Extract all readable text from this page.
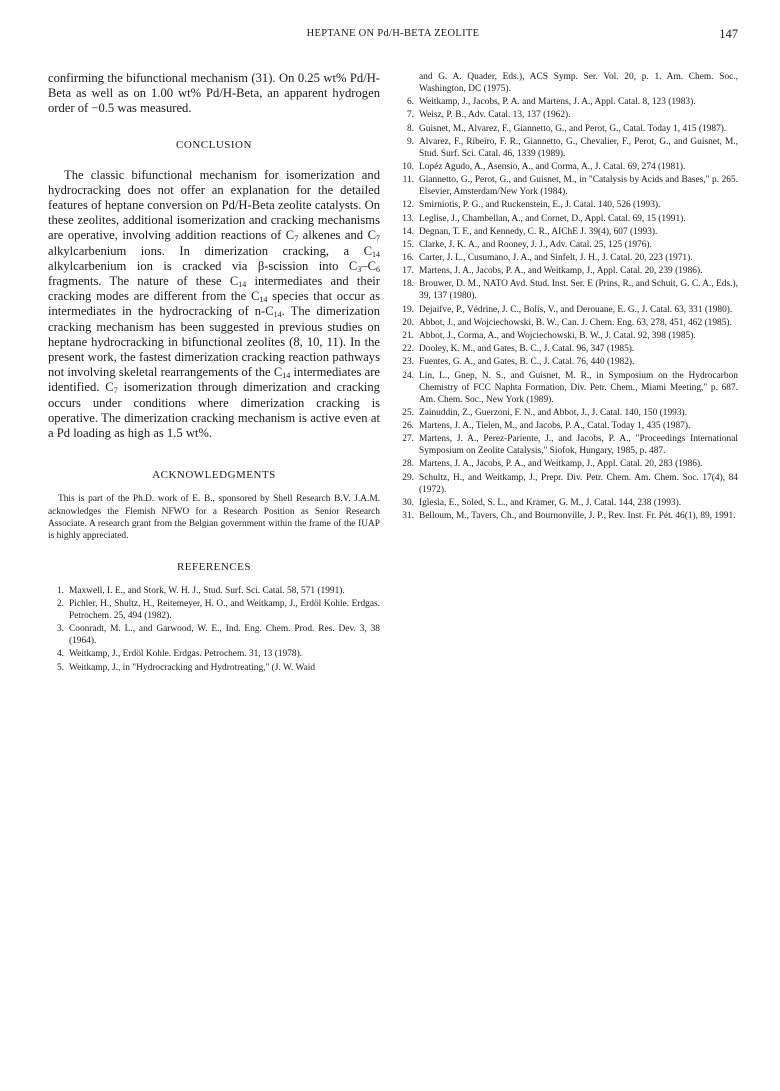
HEPTANE ON Pd/H-BETA ZEOLITE	147

confirming the bifunctional mechanism (31). On 0.25 wt% Pd/H-Beta as well as on 1.00 wt% Pd/H-Beta, an apparent hydrogen order of −0.5 was measured.

CONCLUSION

The classic bifunctional mechanism for isomerization and hydrocracking does not offer an explanation for the detailed features of heptane conversion on Pd/H-Beta zeolite catalysts. On these zeolites, additional isomerization and cracking mechanisms are operative, involving addition reactions of $C_7$ alkenes and $C_7$ alkylcarbenium ions. In dimerization cracking, a $C_{14}$ alkylcarbenium ion is cracked via β-scission into $C_3-C_6$ fragments. The nature of these $C_{14}$ intermediates and their cracking modes are different from the $C_{14}$ species that occur as intermediates in the hydrocracking of $n-C_{14}$. The dimerization cracking mechanism has been suggested in previous studies on heptane hydrocracking in bifunctional zeolites (8, 10, 11). In the present work, the fastest dimerization cracking reaction pathways not involving skeletal rearrangements of the $C_{14}$ intermediates are identified. $C_7$ isomerization through dimerization and cracking occurs under conditions where dimerization cracking is operative. The dimerization cracking mechanism is active even at a Pd loading as high as 1.5 wt%.

ACKNOWLEDGMENTS

This is part of the Ph.D. work of E. B., sponsored by Shell Research B.V. J.A.M. acknowledges the Flemish NFWO for a Research Position as Senior Research Associate. A research grant from the Belgian government within the frame of the IUAP is highly appreciated.

REFERENCES

1. Maxwell, I. E., and Stork, W. H. J., Stud. Surf. Sci. Catal. 58, 571 (1991).
2. Pichler, H., Shultz, H., Reitemeyer, H. O., and Weitkamp, J., Erdöl Kohle. Erdgas. Petrochem. 25, 494 (1982).
3. Coonradt, M. L., and Garwood, W. E., Ind. Eng. Chem. Prod. Res. Dev. 3, 38 (1964).
4. Weitkamp, J., Erdöl Kohle. Erdgas. Petrochem. 31, 13 (1978).
5. Weitkamp, J., in "Hydrocracking and Hydrotreating," (J. W. Waid
and G. A. Quader, Eds.), ACS Symp. Ser. Vol. 20, p. 1. Am. Chem. Soc., Washington, DC (1975).
6. Weitkamp, J., Jacobs, P. A. and Martens, J. A., Appl. Catal. 8, 123 (1983).
7. Weisz, P. B., Adv. Catal. 13, 137 (1962).
8. Guisnet, M., Alvarez, F., Giannetto, G., and Perot, G., Catal. Today 1, 415 (1987).
9. Alvarez, F., Ribeiro, F. R., Giannetto, G., Chevalier, F., Perot, G., and Guisnet, M., Stud. Surf. Sci. Catal. 46, 1339 (1989).
10. Lopéz Agudo, A., Asensio, A., and Corma, A., J. Catal. 69, 274 (1981).
11. Giannetto, G., Perot, G., and Guisnet, M., in "Catalysis by Acids and Bases," p. 265. Elsevier, Amsterdam/New York (1984).
12. Smirniotis, P. G., and Ruckenstein, E., J. Catal. 140, 526 (1993).
13. Leglise, J., Chambellan, A., and Cornet, D., Appl. Catal. 69, 15 (1991).
14. Degnan, T. F., and Kennedy, C. R., AIChE J. 39(4), 607 (1993).
15. Clarke, J. K. A., and Rooney, J. J., Adv. Catal. 25, 125 (1976).
16. Carter, J. L., Cusumano, J. A., and Sinfelt, J. H., J. Catal. 20, 223 (1971).
17. Martens, J. A., Jacobs, P. A., and Weitkamp, J., Appl. Catal. 20, 239 (1986).
18. Brouwer, D. M., NATO Avd. Stud. Inst. Ser. E (Prins, R., and Schuit, G. C. A., Eds.), 39, 137 (1980).
19. Dejaifve, P., Védrine, J. C., Bolis, V., and Derouane, E. G., J. Catal. 63, 331 (1980).
20. Abbot, J., and Wojciechowski, B. W., Can. J. Chem. Eng. 63, 278, 451, 462 (1985).
21. Abbot, J., Corma, A., and Wojciechowski, B. W., J. Catal. 92, 398 (1985).
22. Dooley, K. M., and Gates, B. C., J. Catal. 96, 347 (1985).
23. Fuentes, G. A., and Gates, B. C., J. Catal. 76, 440 (1982).
24. Lin, L., Gnep, N. S., and Guisnet, M. R., in Symposium on the Hydrocarbon Chemistry of FCC Naphta Formation, Div. Petr. Chem., Miami Meeting," p. 687. Am. Chem. Soc., New York (1989).
25. Zainuddin, Z., Guerzoni, F. N., and Abbot, J., J. Catal. 140, 150 (1993).
26. Martens, J. A., Tielen, M., and Jacobs, P. A., Catal. Today 1, 435 (1987).
27. Martens, J. A., Perez-Pariente, J., and Jacobs, P. A., "Proceedings International Symposium on Zeolite Catalysis," Siofok, Hungary, 1985, p. 487.
28. Martens, J. A., Jacobs, P. A., and Weitkamp, J., Appl. Catal. 20, 283 (1986).
29. Schultz, H., and Weitkamp, J., Prepr. Div. Petr. Chem. Am. Chem. Soc. 17(4), 84 (1972).
30. Iglesia, E., Soled, S. L., and Kramer, G. M., J. Catal. 144, 238 (1993).
31. Belloum, M., Tavers, Ch., and Bournonville, J. P., Rev. Inst. Fr. Pét. 46(1), 89, 1991.
